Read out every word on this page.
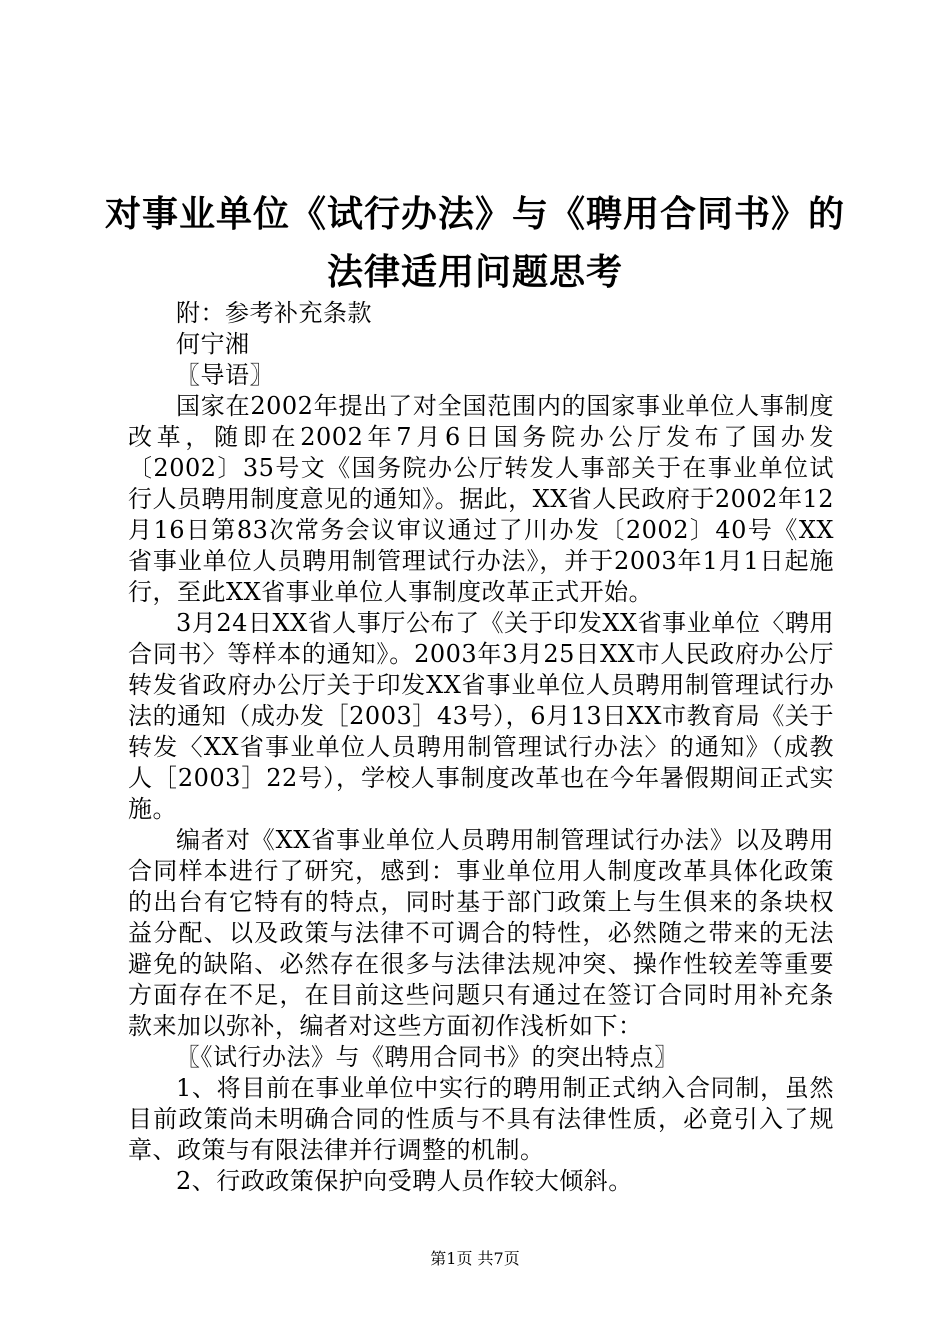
对事业单位《试行办法》与《聘用合同书》的
法律适用问题思考

附：参考补充条款

何宁湘

〖导语〗

国家在2002年提出了对全国范围内的国家事业单位人事制度改革，随即在2002年7月6日国务院办公厅发布了国办发〔2002〕35号文《国务院办公厅转发人事部关于在事业单位试行人员聘用制度意见的通知》。据此，XX省人民政府于2002年12月16日第83次常务会议审议通过了川办发〔2002〕40号《XX省事业单位人员聘用制管理试行办法》，并于2003年1月1日起施行，至此XX省事业单位人事制度改革正式开始。

3月24日XX省人事厅公布了《关于印发XX省事业单位〈聘用合同书〉等样本的通知》。2003年3月25日XX市人民政府办公厅转发省政府办公厅关于印发XX省事业单位人员聘用制管理试行办法的通知（成办发［2003］43号），6月13日XX市教育局《关于转发〈XX省事业单位人员聘用制管理试行办法〉的通知》（成教人［2003］22号），学校人事制度改革也在今年暑假期间正式实施。

编者对《XX省事业单位人员聘用制管理试行办法》以及聘用合同样本进行了研究，感到：事业单位用人制度改革具体化政策的出台有它特有的特点，同时基于部门政策上与生俱来的条块权益分配、以及政策与法律不可调合的特性，必然随之带来的无法避免的缺陷、必然存在很多与法律法规冲突、操作性较差等重要方面存在不足，在目前这些问题只有通过在签订合同时用补充条款来加以弥补，编者对这些方面初作浅析如下：

〖《试行办法》与《聘用合同书》的突出特点〗

1、将目前在事业单位中实行的聘用制正式纳入合同制，虽然目前政策尚未明确合同的性质与不具有法律性质，必竟引入了规章、政策与有限法律并行调整的机制。

2、行政政策保护向受聘人员作较大倾斜。

第1页 共7页
